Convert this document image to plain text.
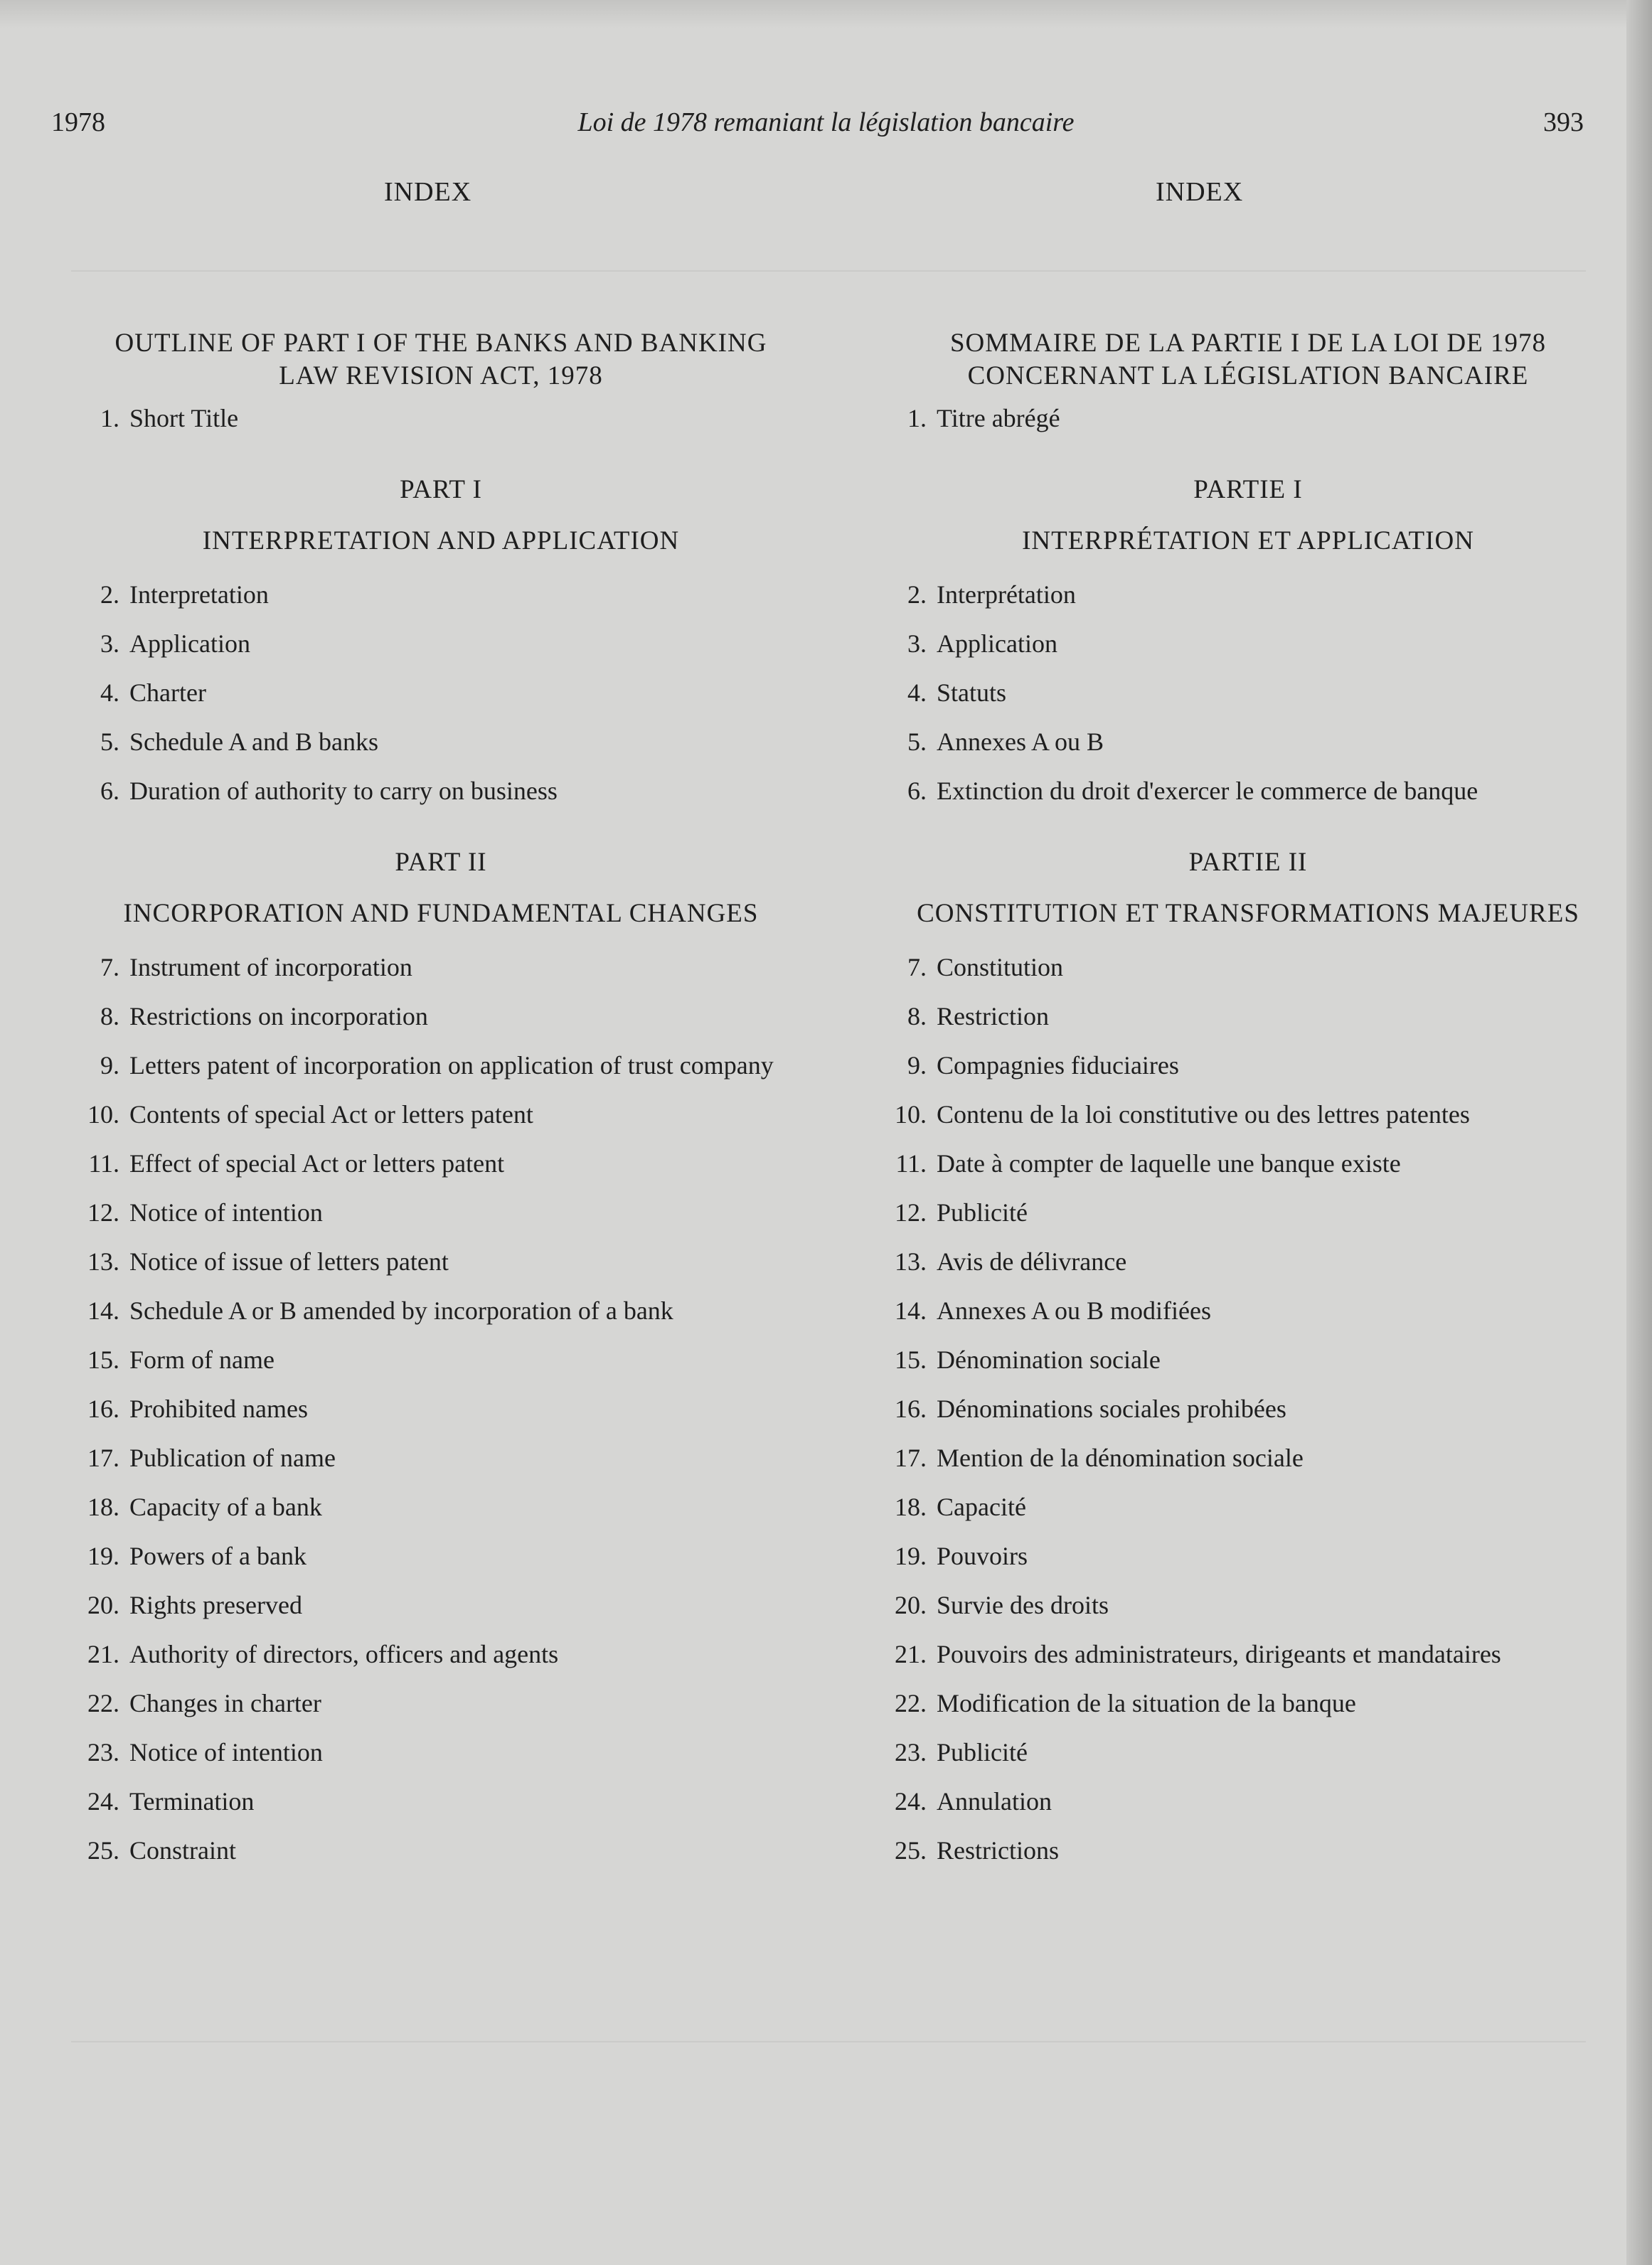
1978	Loi de 1978 remaniant la législation bancaire	393
INDEX	INDEX
OUTLINE OF PART I OF THE BANKS AND BANKING
LAW REVISION ACT, 1978
1. Short Title
PART I
INTERPRETATION AND APPLICATION
2. Interpretation
3. Application
4. Charter
5. Schedule A and B banks
6. Duration of authority to carry on business
PART II
INCORPORATION AND FUNDAMENTAL CHANGES
7. Instrument of incorporation
8. Restrictions on incorporation
9. Letters patent of incorporation on application of trust company
10. Contents of special Act or letters patent
11. Effect of special Act or letters patent
12. Notice of intention
13. Notice of issue of letters patent
14. Schedule A or B amended by incorporation of a bank
15. Form of name
16. Prohibited names
17. Publication of name
18. Capacity of a bank
19. Powers of a bank
20. Rights preserved
21. Authority of directors, officers and agents
22. Changes in charter
23. Notice of intention
24. Termination
25. Constraint
SOMMAIRE DE LA PARTIE I DE LA LOI DE 1978
CONCERNANT LA LÉGISLATION BANCAIRE
1. Titre abrégé
PARTIE I
INTERPRÉTATION ET APPLICATION
2. Interprétation
3. Application
4. Statuts
5. Annexes A ou B
6. Extinction du droit d'exercer le commerce de banque
PARTIE II
CONSTITUTION ET TRANSFORMATIONS MAJEURES
7. Constitution
8. Restriction
9. Compagnies fiduciaires
10. Contenu de la loi constitutive ou des lettres patentes
11. Date à compter de laquelle une banque existe
12. Publicité
13. Avis de délivrance
14. Annexes A ou B modifiées
15. Dénomination sociale
16. Dénominations sociales prohibées
17. Mention de la dénomination sociale
18. Capacité
19. Pouvoirs
20. Survie des droits
21. Pouvoirs des administrateurs, dirigeants et mandataires
22. Modification de la situation de la banque
23. Publicité
24. Annulation
25. Restrictions
